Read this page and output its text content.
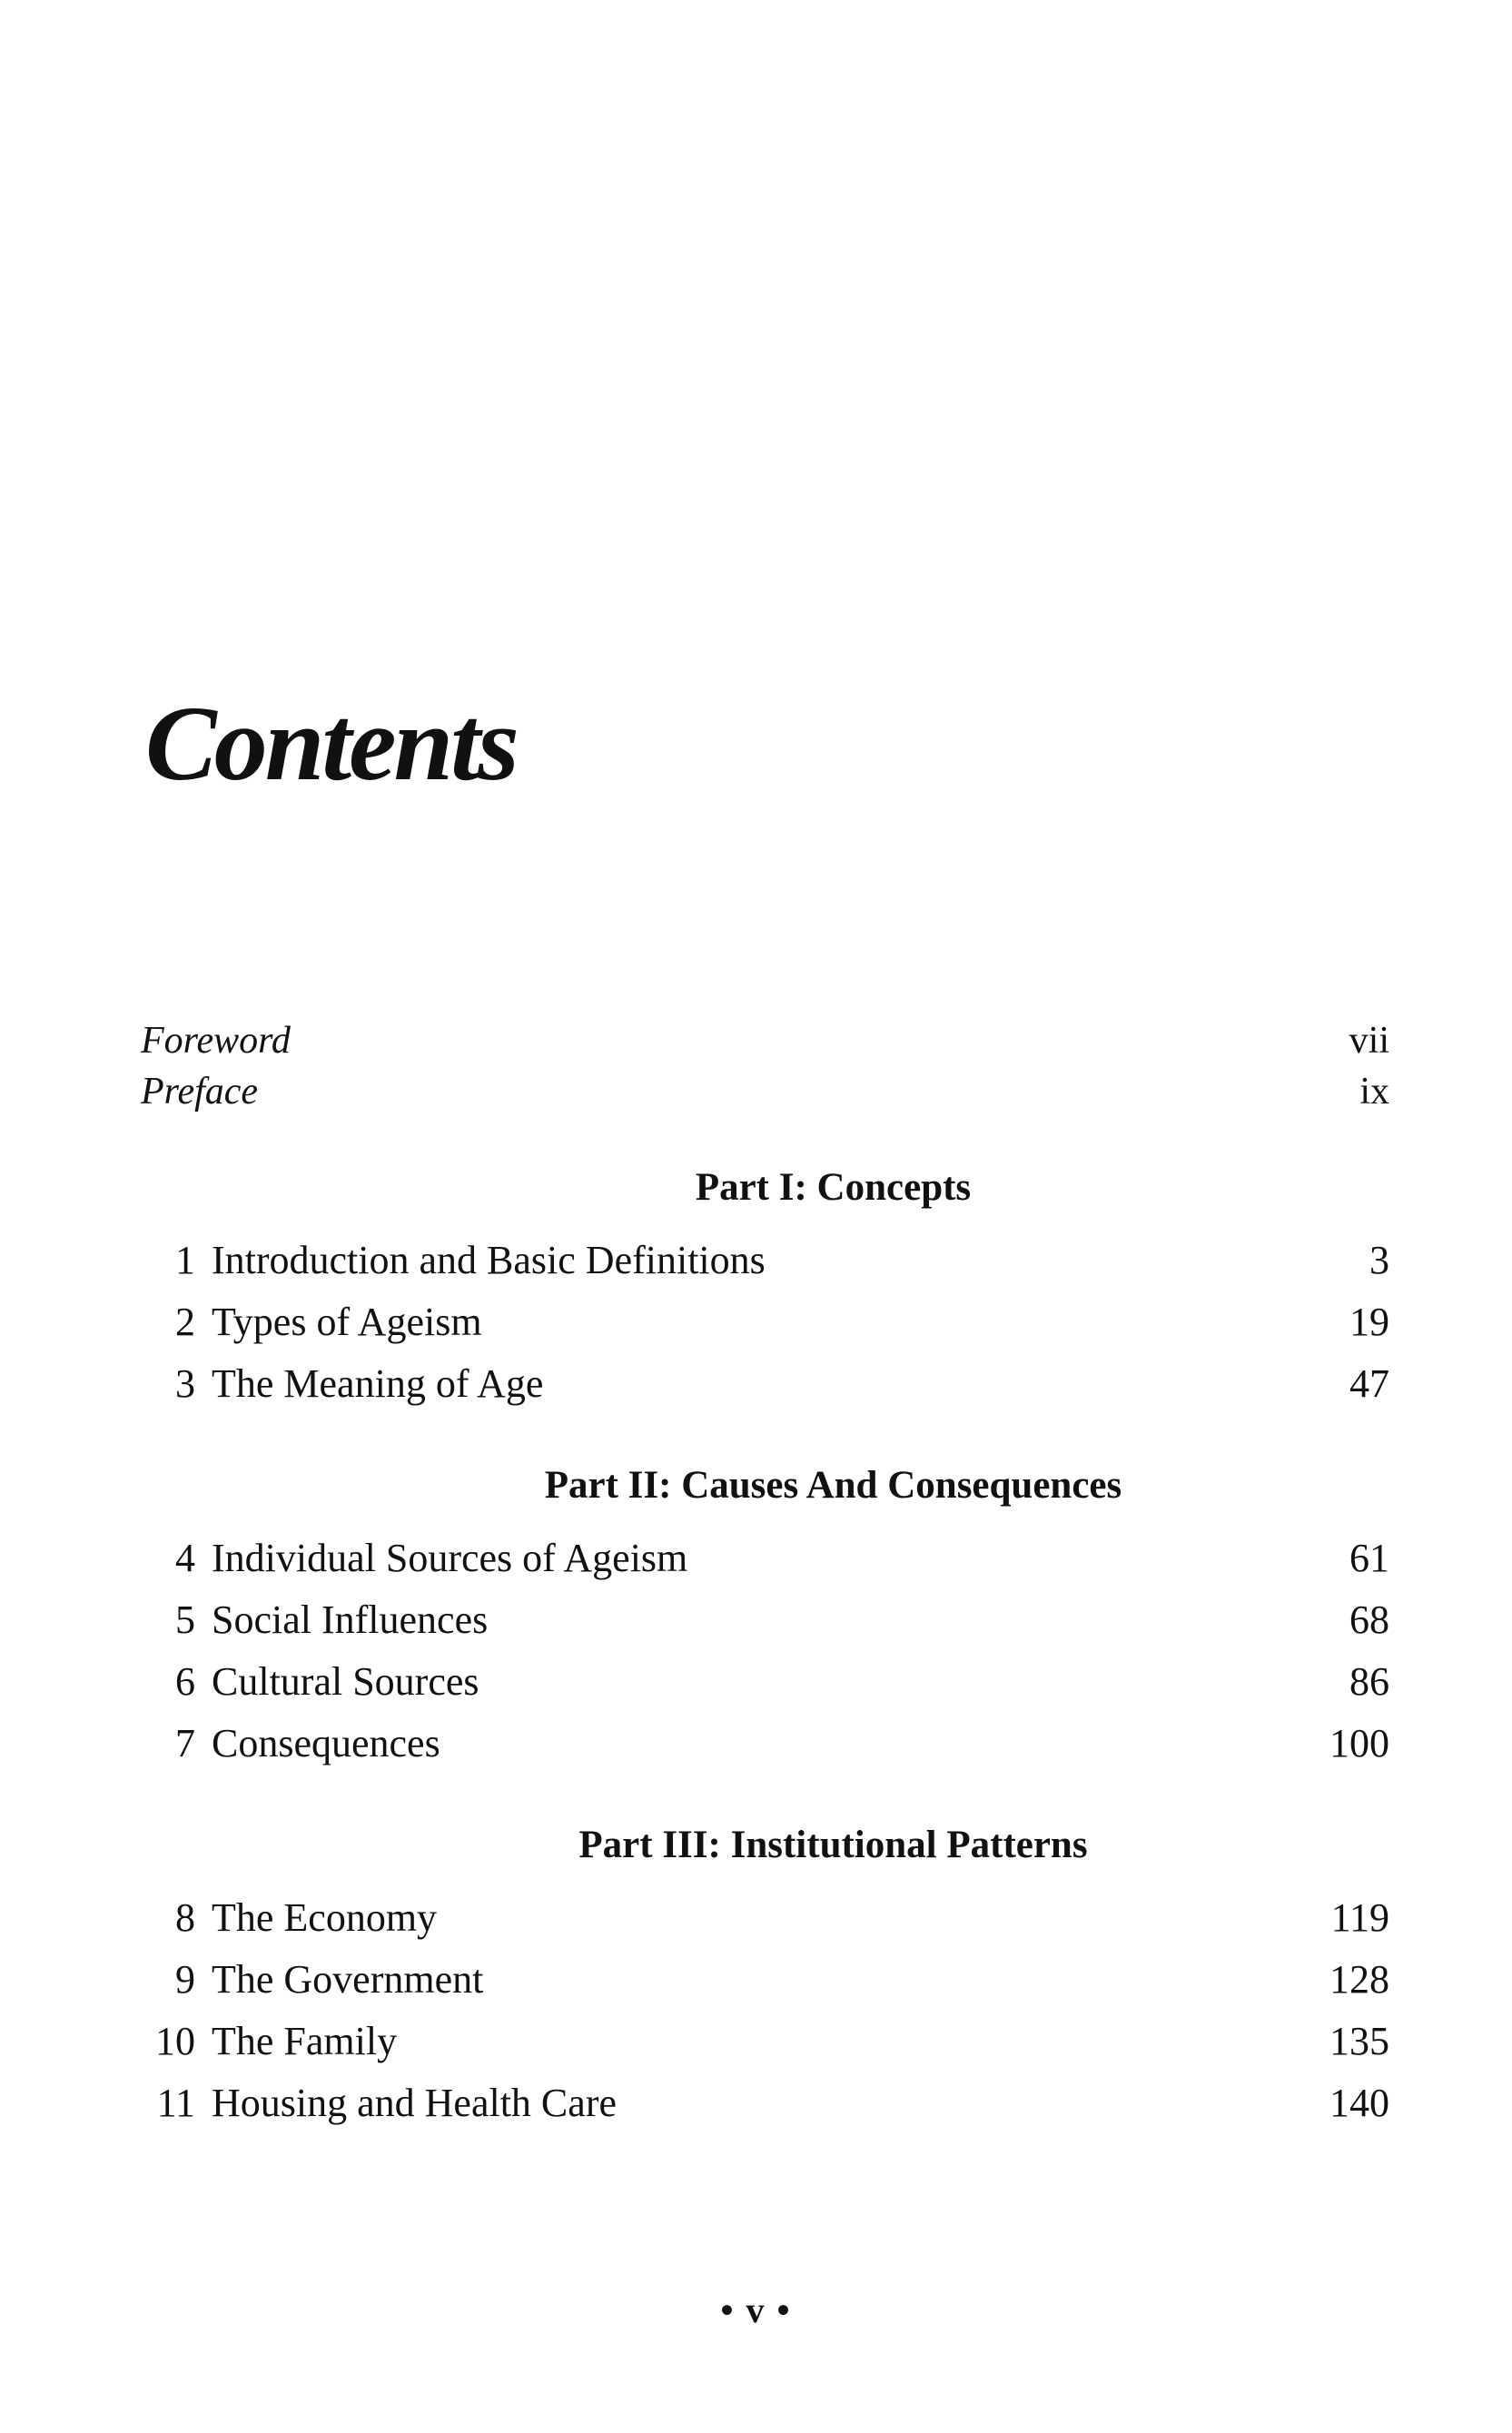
Contents
Foreword	vii
Preface	ix
Part I: Concepts
1 Introduction and Basic Definitions	3
2 Types of Ageism	19
3 The Meaning of Age	47
Part II: Causes And Consequences
4 Individual Sources of Ageism	61
5 Social Influences	68
6 Cultural Sources	86
7 Consequences	100
Part III: Institutional Patterns
8 The Economy	119
9 The Government	128
10 The Family	135
11 Housing and Health Care	140
• v •
